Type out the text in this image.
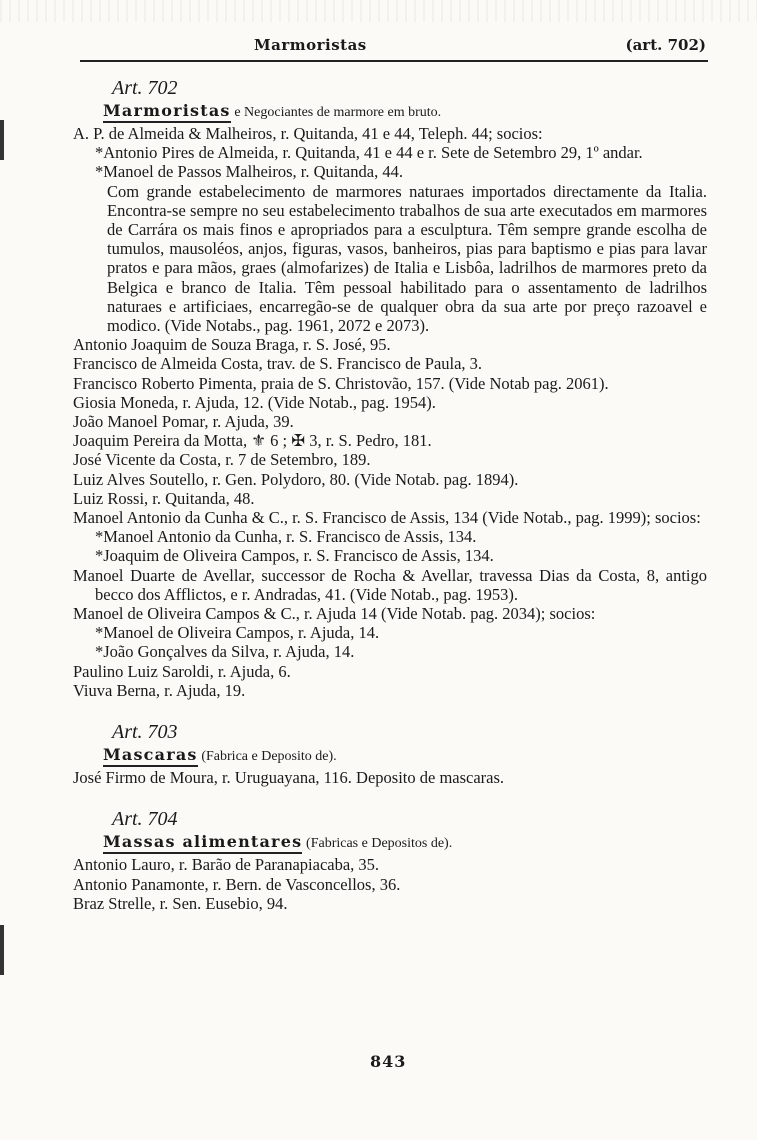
Marmoristas	(art. 702)
Art. 702
Marmoristas e Negociantes de marmore em bruto.
A. P. de Almeida & Malheiros, r. Quitanda, 41 e 44, Teleph. 44; socios:
*Antonio Pires de Almeida, r. Quitanda, 41 e 44 e r. Sete de Setembro 29, 1º andar.
*Manoel de Passos Malheiros, r. Quitanda, 44.
Com grande estabelecimento de marmores naturaes importados directamente da Italia. Encontra-se sempre no seu estabelecimento trabalhos de sua arte executados em marmores de Carrára os mais finos e apropriados para a esculptura. Têm sempre grande escolha de tumulos, mausoléos, anjos, figuras, vasos, banheiros, pias para baptismo e pias para lavar pratos e para mãos, graes (almofarizes) de Italia e Lisbôa, ladrilhos de marmores preto da Belgica e branco de Italia. Têm pessoal habilitado para o assentamento de ladrilhos naturaes e artificiaes, encarregão-se de qualquer obra da sua arte por preço razoavel e modico. (Vide Notabs., pag. 1961, 2072 e 2073).
Antonio Joaquim de Souza Braga, r. S. José, 95.
Francisco de Almeida Costa, trav. de S. Francisco de Paula, 3.
Francisco Roberto Pimenta, praia de S. Christovão, 157. (Vide Notab pag. 2061).
Giosia Moneda, r. Ajuda, 12. (Vide Notab., pag. 1954).
João Manoel Pomar, r. Ajuda, 39.
Joaquim Pereira da Motta, ⚜ 6 ; ✠ 3, r. S. Pedro, 181.
José Vicente da Costa, r. 7 de Setembro, 189.
Luiz Alves Soutello, r. Gen. Polydoro, 80. (Vide Notab. pag. 1894).
Luiz Rossi, r. Quitanda, 48.
Manoel Antonio da Cunha & C., r. S. Francisco de Assis, 134 (Vide Notab., pag. 1999); socios:
*Manoel Antonio da Cunha, r. S. Francisco de Assis, 134.
*Joaquim de Oliveira Campos, r. S. Francisco de Assis, 134.
Manoel Duarte de Avellar, successor de Rocha & Avellar, travessa Dias da Costa, 8, antigo becco dos Afflictos, e r. Andradas, 41. (Vide Notab., pag. 1953).
Manoel de Oliveira Campos & C., r. Ajuda 14 (Vide Notab. pag. 2034); socios:
*Manoel de Oliveira Campos, r. Ajuda, 14.
*João Gonçalves da Silva, r. Ajuda, 14.
Paulino Luiz Saroldi, r. Ajuda, 6.
Viuva Berna, r. Ajuda, 19.
Art. 703
Mascaras (Fabrica e Deposito de).
José Firmo de Moura, r. Uruguayana, 116. Deposito de mascaras.
Art. 704
Massas alimentares (Fabricas e Depositos de).
Antonio Lauro, r. Barão de Paranapiacaba, 35.
Antonio Panamonte, r. Bern. de Vasconcellos, 36.
Braz Strelle, r. Sen. Eusebio, 94.
843
